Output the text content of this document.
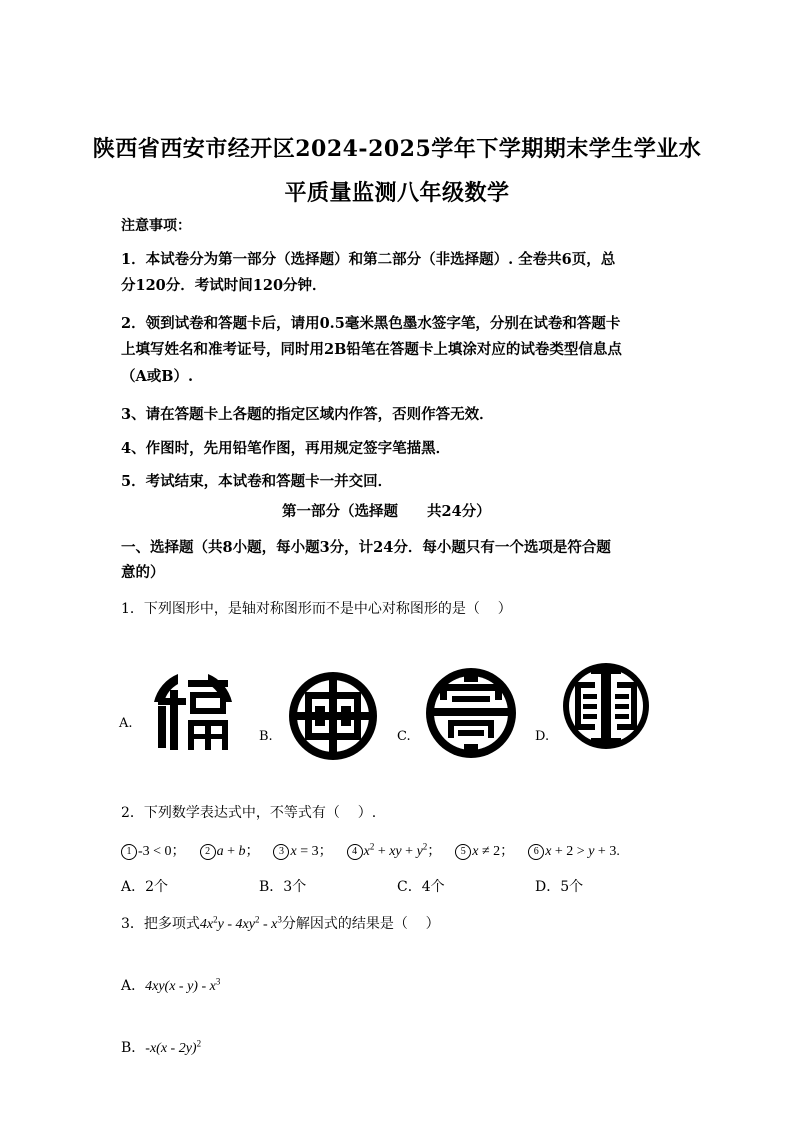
陕西省西安市经开区2024-2025学年下学期期末学生学业水
平质量监测八年级数学
注意事项：
1．本试卷分为第一部分（选择题）和第二部分（非选择题）. 全卷共6页，总
分120分．考试时间120分钟．
2．领到试卷和答题卡后，请用0.5毫米黑色墨水签字笔，分别在试卷和答题卡
上填写姓名和准考证号，同时用2B铅笔在答题卡上填涂对应的试卷类型信息点
（A或B）.
3、请在答题卡上各题的指定区域内作答，否则作答无效．
4、作图时，先用铅笔作图，再用规定签字笔描黑．
5．考试结束，本试卷和答题卡一并交回．
第一部分（选择题　　共24分）
一、选择题（共8小题，每小题3分，计24分．每小题只有一个选项是符合题
意的）
1．下列图形中，是轴对称图形而不是中心对称图形的是（    ）
A.
B.	C.	D.
2．下列数学表达式中，不等式有（    ）.
1 -3 < 0；  2 a + b；  3 x = 3；  4 $x^2$ + xy + $y^2$；  5 x ≠ 2；  6 x + 2 > y + 3.
A．2个	B．3个	C．4个	D．5个
3．把多项式$4x^2y - 4xy^2 - x^3$分解因式的结果是（    ）
A．$4xy(x - y) - x^3$
B．-x(x - 2y)$^2$
